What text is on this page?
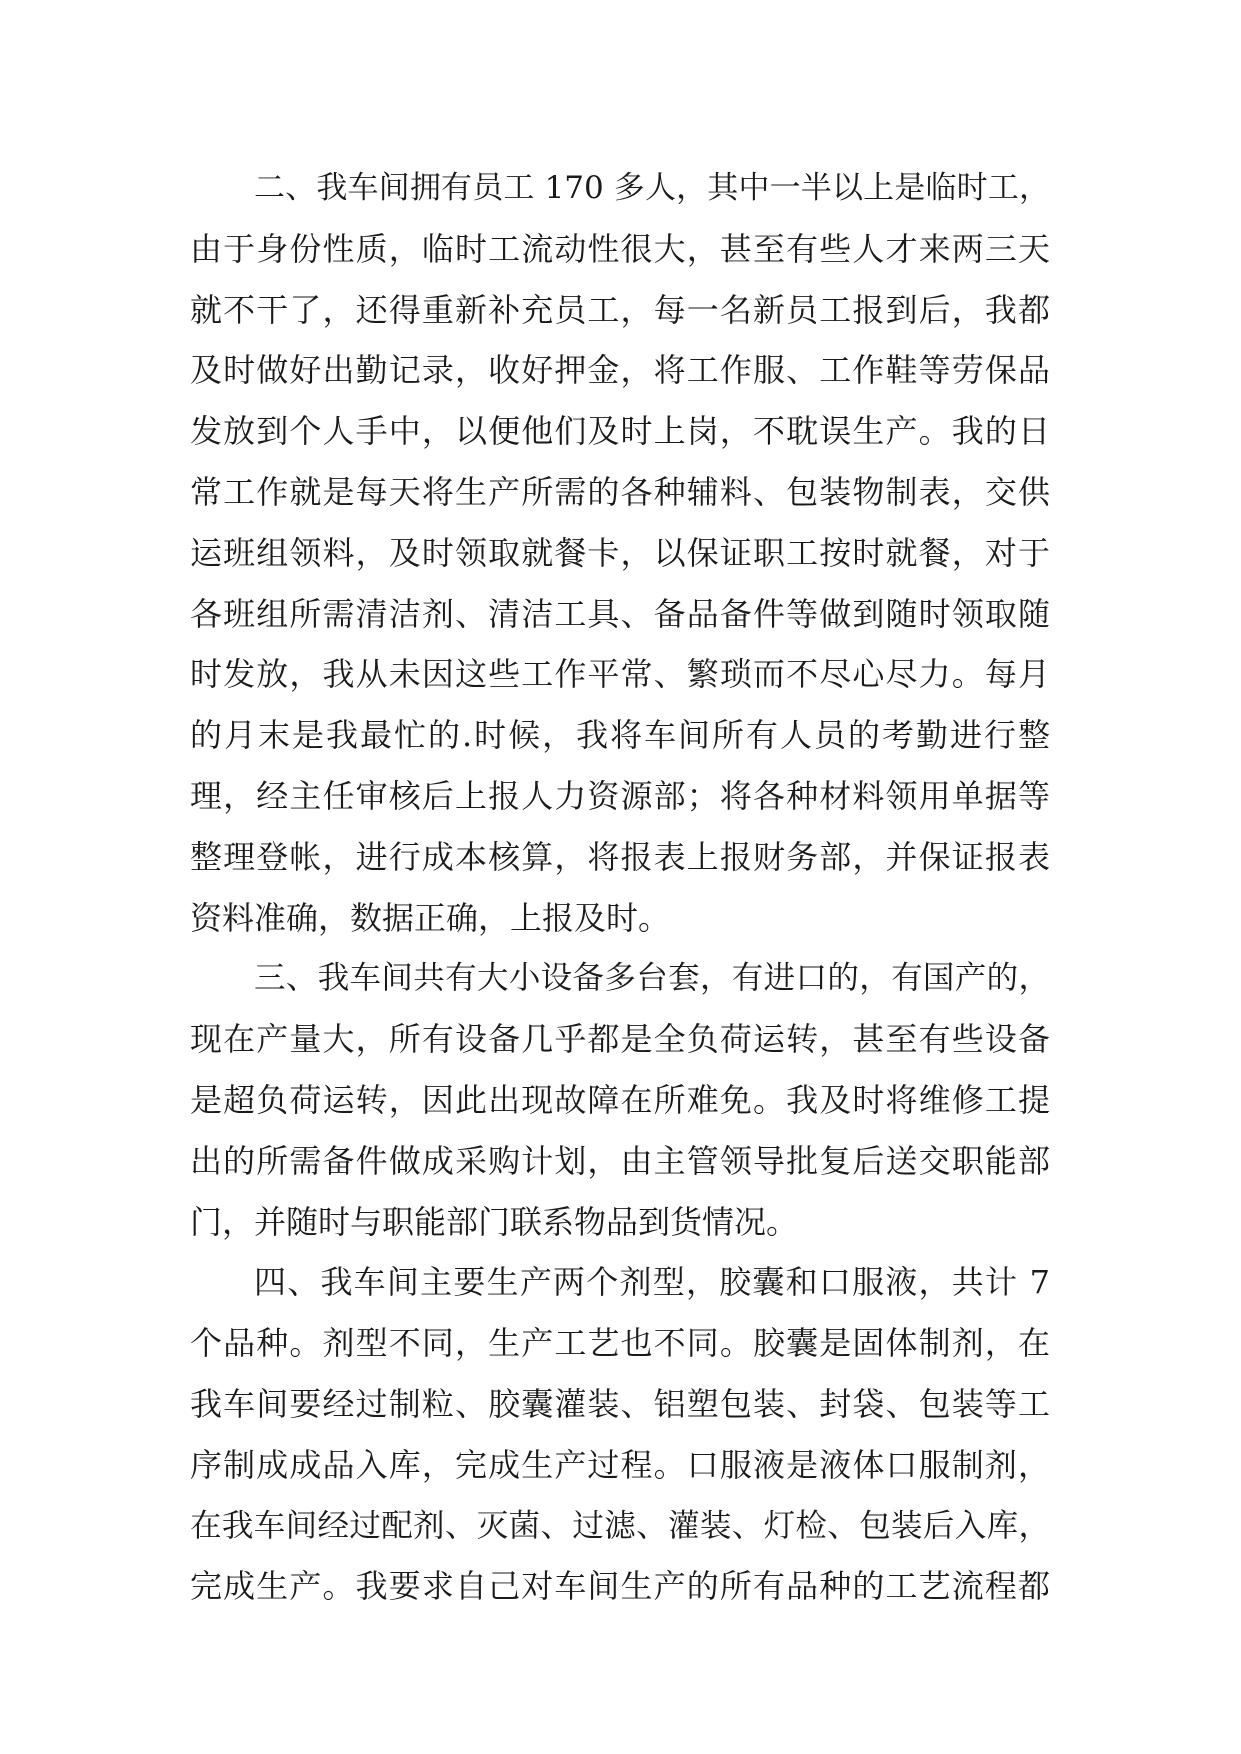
二、我车间拥有员工 170 多人，其中一半以上是临时工，
由于身份性质，临时工流动性很大，甚至有些人才来两三天
就不干了，还得重新补充员工，每一名新员工报到后，我都
及时做好出勤记录，收好押金，将工作服、工作鞋等劳保品
发放到个人手中，以便他们及时上岗，不耽误生产。我的日
常工作就是每天将生产所需的各种辅料、包装物制表，交供
运班组领料，及时领取就餐卡，以保证职工按时就餐，对于
各班组所需清洁剂、清洁工具、备品备件等做到随时领取随
时发放，我从未因这些工作平常、繁琐而不尽心尽力。每月
的月末是我最忙的.时候，我将车间所有人员的考勤进行整
理，经主任审核后上报人力资源部；将各种材料领用单据等
整理登帐，进行成本核算，将报表上报财务部，并保证报表
资料准确，数据正确，上报及时。
三、我车间共有大小设备多台套，有进口的，有国产的，
现在产量大，所有设备几乎都是全负荷运转，甚至有些设备
是超负荷运转，因此出现故障在所难免。我及时将维修工提
出的所需备件做成采购计划，由主管领导批复后送交职能部
门，并随时与职能部门联系物品到货情况。
四、我车间主要生产两个剂型，胶囊和口服液，共计 7
个品种。剂型不同，生产工艺也不同。胶囊是固体制剂，在
我车间要经过制粒、胶囊灌装、铝塑包装、封袋、包装等工
序制成成品入库，完成生产过程。口服液是液体口服制剂，
在我车间经过配剂、灭菌、过滤、灌装、灯检、包装后入库，
完成生产。我要求自己对车间生产的所有品种的工艺流程都
